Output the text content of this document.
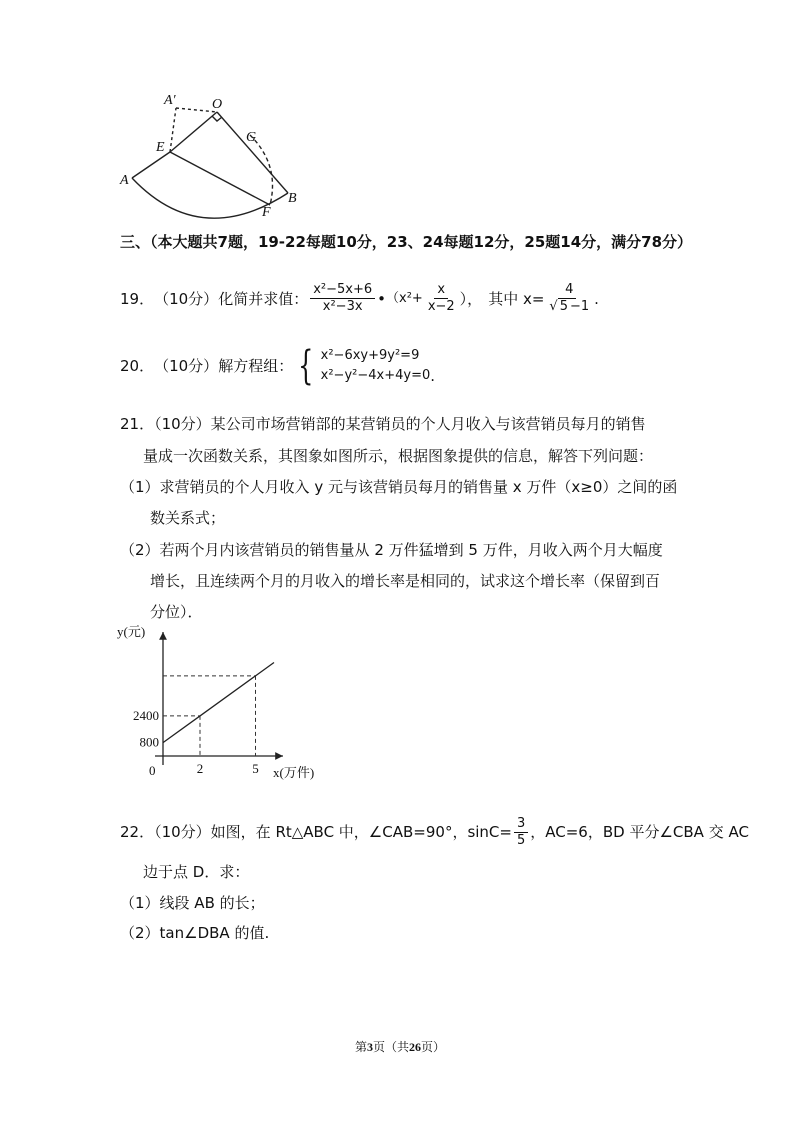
A′	O
G
E
A
B
F
三、（本大题共7题，19-22每题10分，23、24每题12分，25题14分，满分78分）
19． （10分） 化简并求值： $\frac{\text{x²−5x+6}}{\text{x²−3x}}$ • （$x^2+ \frac{x}{x-2}$ ）， 其中 $x= \frac{4}{√ 5 -1}$ .
20． （10分） 解方程组： { x²−6xy+9y²=9
x²−y²−4x+4y=0 .
21．（10分）某公司市场营销部的某营销员的个人月收入与该营销员每月的销售
量成一次函数关系，其图象如图所示，根据图象提供的信息，解答下列问题：
（1）求营销员的个人月收入 y 元与该营销员每月的销售量 x 万件（x≥0）之间的函
数关系式；
（2）若两个月内该营销员的销售量从 2 万件猛增到 5 万件，月收入两个月大幅度
增长，且连续两个月的月收入的增长率是相同的，试求这个增长率（保留到百
分位）．
y(元)
x(万件)
0	2	5
800
2400
22．（10分）如图，在 Rt△ABC 中，∠CAB=90°，$\sin C= \frac{3}{5}$ ，AC=6，BD 平分∠CBA 交 AC
边于点 D．求：
（1）线段 AB 的长；
（2）tan∠DBA 的值.
第3页（共26页）
